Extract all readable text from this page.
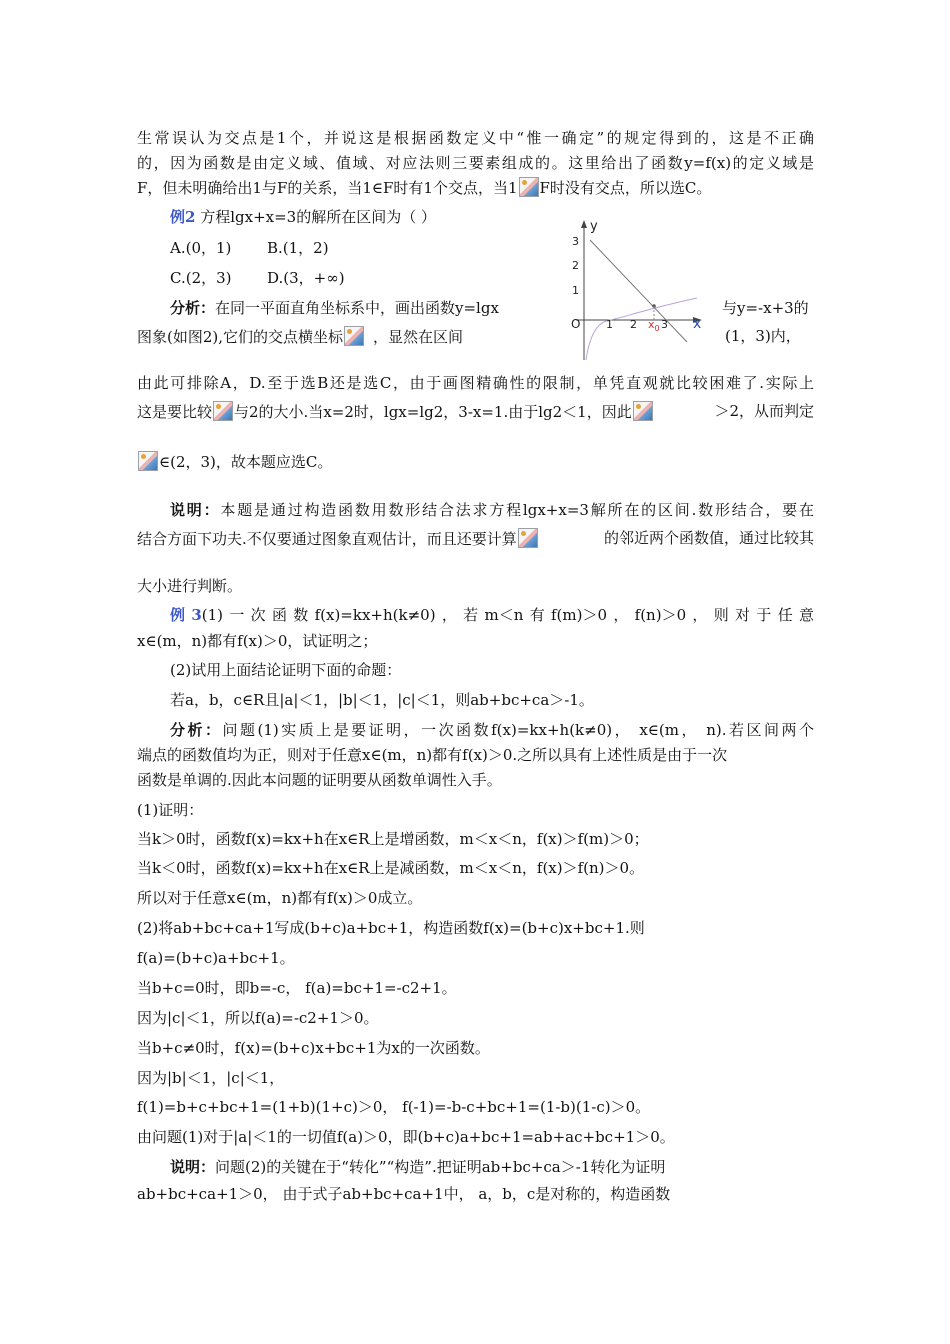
生常误认为交点是1个，并说这是根据函数定义中“惟一确定”的规定得到的，这是不正确
的，因为函数是由定义域、值域、对应法则三要素组成的。这里给出了函数y=f(x)的定义域是
F，但未明确给出1与F的关系，当1∈F时有1个交点，当1 F时没有交点，所以选C。
例2 方程lgx+x=3的解所在区间为（ ）
A.(0，1) B.(1，2)
C.(2，3) D.(3，+∞)
分析：在同一平面直角坐标系中，画出函数y=lgx	与y=-x+3的
图象(如图2),它们的交点横坐标 ，显然在区间	(1，3)内，
y
x
O
3
2
1
1 2 $x_0$ 3
由此可排除A，D.至于选B还是选C，由于画图精确性的限制，单凭直观就比较困难了.实际上
这是要比较 与2的大小.当x=2时，lgx=lg2，3-x=1.由于lg2＜1，因此	＞2，从而判定
∈(2，3)，故本题应选C。
说明：本题是通过构造函数用数形结合法求方程lgx+x=3解所在的区间.数形结合，要在
结合方面下功夫.不仅要通过图象直观估计，而且还要计算	的邻近两个函数值，通过比较其
大小进行判断。
例3(1)一次函数f(x)=kx+h(k≠0)，若m＜n有f(m)＞0，f(n)＞0，则对于任意
x∈(m，n)都有f(x)＞0，试证明之；
(2)试用上面结论证明下面的命题：
若a，b，c∈R且|a|＜1，|b|＜1，|c|＜1，则ab+bc+ca＞-1。
分析：问题(1)实质上是要证明，一次函数f(x)=kx+h(k≠0)， x∈(m， n).若区间两个
端点的函数值均为正，则对于任意x∈(m，n)都有f(x)＞0.之所以具有上述性质是由于一次
函数是单调的.因此本问题的证明要从函数单调性入手。
(1)证明：
当k＞0时，函数f(x)=kx+h在x∈R上是增函数，m＜x＜n，f(x)＞f(m)＞0；
当k＜0时，函数f(x)=kx+h在x∈R上是减函数，m＜x＜n，f(x)＞f(n)＞0。
所以对于任意x∈(m，n)都有f(x)＞0成立。
(2)将ab+bc+ca+1写成(b+c)a+bc+1，构造函数f(x)=(b+c)x+bc+1.则
f(a)=(b+c)a+bc+1。
当b+c=0时，即b=-c， f(a)=bc+1=-c2+1。
因为|c|＜1，所以f(a)=-c2+1＞0。
当b+c≠0时，f(x)=(b+c)x+bc+1为x的一次函数。
因为|b|＜1，|c|＜1，
f(1)=b+c+bc+1=(1+b)(1+c)＞0， f(-1)=-b-c+bc+1=(1-b)(1-c)＞0。
由问题(1)对于|a|＜1的一切值f(a)＞0，即(b+c)a+bc+1=ab+ac+bc+1＞0。
说明：问题(2)的关键在于“转化”“构造”.把证明ab+bc+ca＞-1转化为证明
ab+bc+ca+1＞0， 由于式子ab+bc+ca+1中， a，b，c是对称的，构造函数
